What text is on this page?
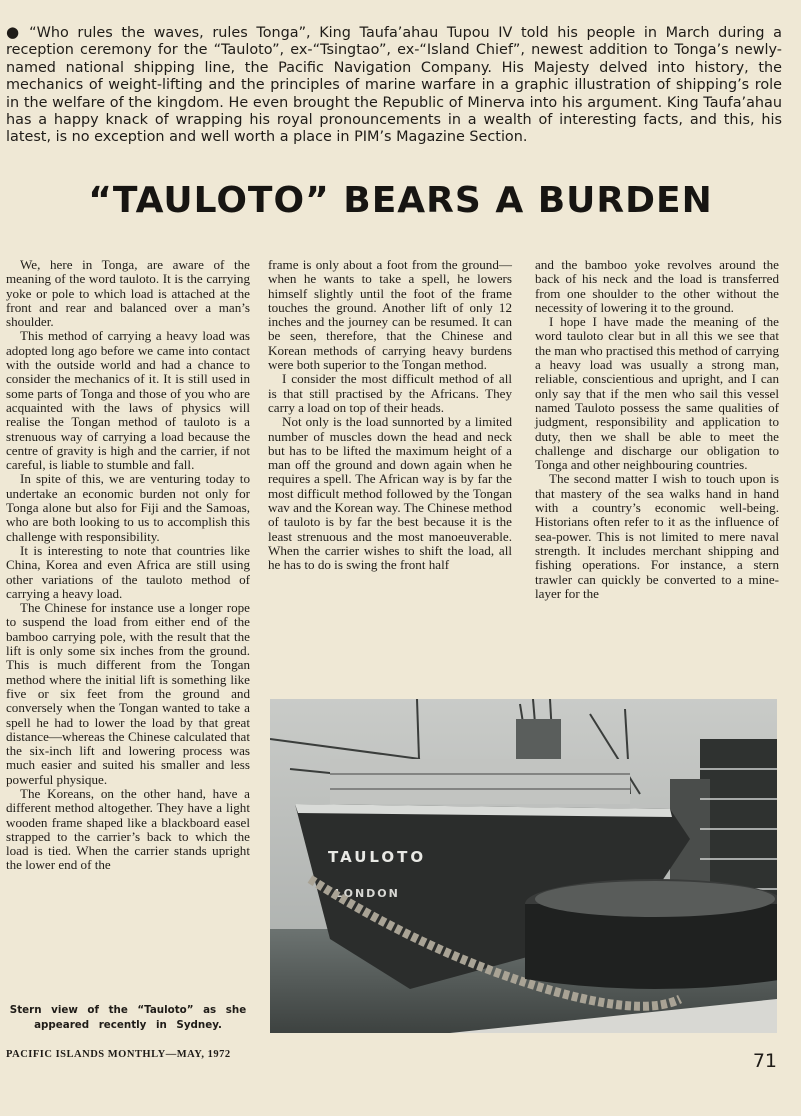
● “Who rules the waves, rules Tonga”, King Taufa’ahau Tupou IV told his people in March during a reception ceremony for the “Tauloto”, ex-“Tsingtao”, ex-“Island Chief”, newest addition to Tonga’s newly-named national shipping line, the Pacific Navigation Company. His Majesty delved into history, the mechanics of weight-lifting and the principles of marine warfare in a graphic illustration of shipping’s role in the welfare of the kingdom. He even brought the Republic of Minerva into his argument. King Taufa’ahau has a happy knack of wrapping his royal pronouncements in a wealth of interesting facts, and this, his latest, is no exception and well worth a place in PIM’s Magazine Section.
“TAULOTO” BEARS A BURDEN

We, here in Tonga, are aware of the meaning of the word tauloto. It is the carrying yoke or pole to which load is attached at the front and rear and balanced over a man’s shoulder.

This method of carrying a heavy load was adopted long ago before we came into contact with the outside world and had a chance to consider the mechanics of it. It is still used in some parts of Tonga and those of you who are acquainted with the laws of physics will realise the Tongan method of tauloto is a strenuous way of carrying a load because the centre of gravity is high and the carrier, if not careful, is liable to stumble and fall.

In spite of this, we are venturing today to undertake an economic burden not only for Tonga alone but also for Fiji and the Samoas, who are both looking to us to accomplish this challenge with responsibility.

It is interesting to note that countries like China, Korea and even Africa are still using other variations of the tauloto method of carrying a heavy load.

The Chinese for instance use a longer rope to suspend the load from either end of the bamboo carrying pole, with the result that the lift is only some six inches from the ground. This is much different from the Tongan method where the initial lift is something like five or six feet from the ground and conversely when the Tongan wanted to take a spell he had to lower the load by that great distance—whereas the Chinese calculated that the six-inch lift and lowering process was much easier and suited his smaller and less powerful physique.

The Koreans, on the other hand, have a different method altogether. They have a light wooden frame shaped like a blackboard easel strapped to the carrier’s back to which the load is tied. When the carrier stands upright the lower end of the

frame is only about a foot from the ground—when he wants to take a spell, he lowers himself slightly until the foot of the frame touches the ground. Another lift of only 12 inches and the journey can be resumed. It can be seen, therefore, that the Chinese and Korean methods of carrying heavy burdens were both superior to the Tongan method.

I consider the most difficult method of all is that still practised by the Africans. They carry a load on top of their heads.

Not only is the load sunnorted by a limited number of muscles down the head and neck but has to be lifted the maximum height of a man off the ground and down again when he requires a spell. The African way is by far the most difficult method followed by the Tongan wav and the Korean way. The Chinese method of tauloto is by far the best because it is the least strenuous and the most manoeuverable. When the carrier wishes to shift the load, all he has to do is swing the front half

and the bamboo yoke revolves around the back of his neck and the load is transferred from one shoulder to the other without the necessity of lowering it to the ground.

I hope I have made the meaning of the word tauloto clear but in all this we see that the man who practised this method of carrying a heavy load was usually a strong man, reliable, conscientious and upright, and I can only say that if the men who sail this vessel named Tauloto possess the same qualities of judgment, responsibility and application to duty, then we shall be able to meet the challenge and discharge our obligation to Tonga and other neighbouring countries.

The second matter I wish to touch upon is that mastery of the sea walks hand in hand with a country’s economic well-being. Historians often refer to it as the influence of sea-power. This is not limited to mere naval strength. It includes merchant shipping and fishing operations. For instance, a stern trawler can quickly be converted to a mine-layer for the

TAULOTO
LONDON
Stern view of the “Tauloto” as she appeared recently in Sydney.
PACIFIC ISLANDS MONTHLY—MAY, 1972	71
